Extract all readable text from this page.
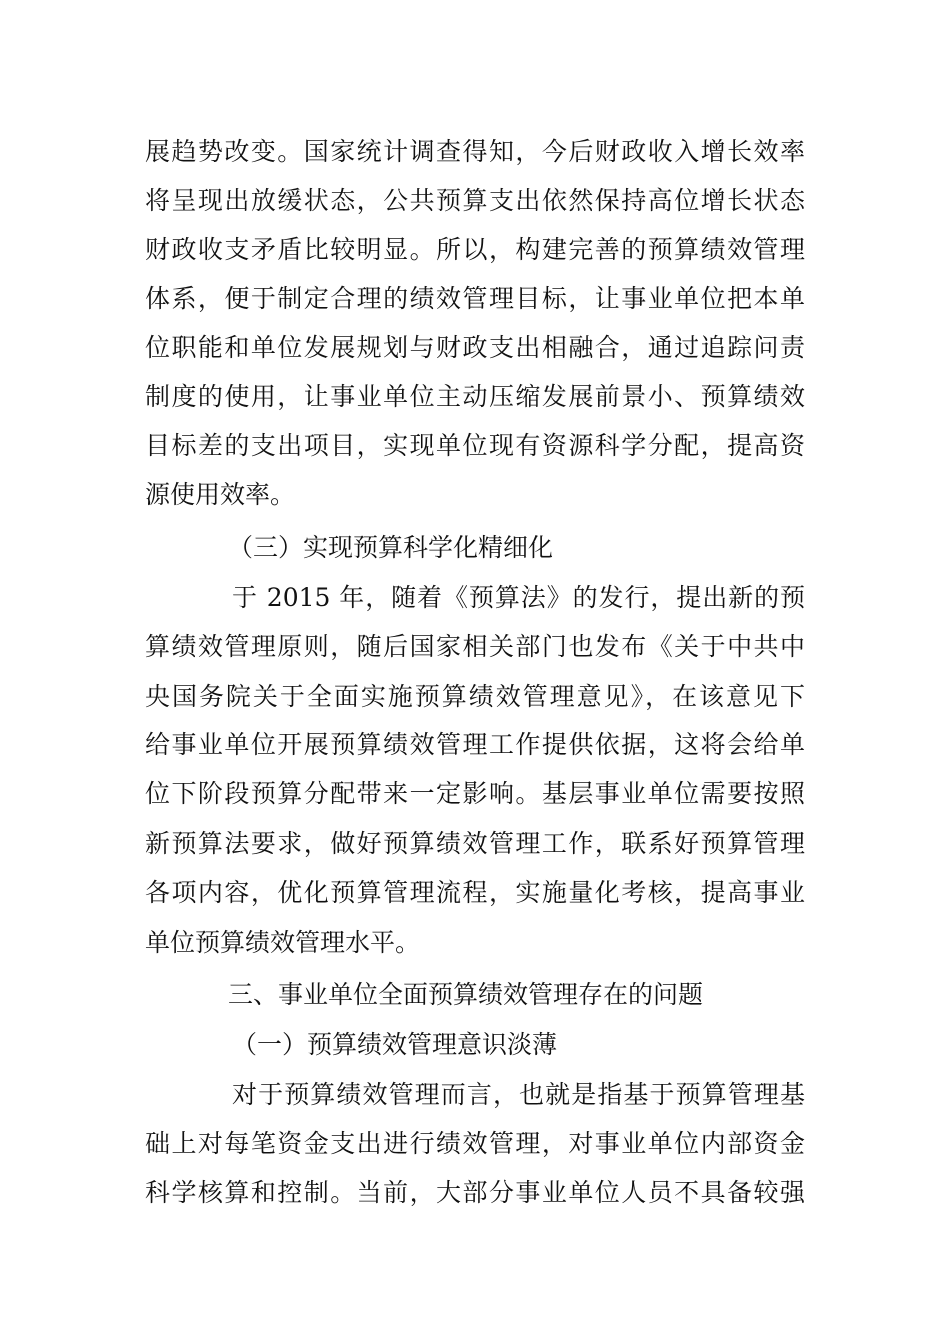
展趋势改变。国家统计调查得知，今后财政收入增长效率
将呈现出放缓状态，公共预算支出依然保持高位增长状态
财政收支矛盾比较明显。所以，构建完善的预算绩效管理
体系，便于制定合理的绩效管理目标，让事业单位把本单
位职能和单位发展规划与财政支出相融合，通过追踪问责
制度的使用，让事业单位主动压缩发展前景小、预算绩效
目标差的支出项目，实现单位现有资源科学分配，提高资
源使用效率。
（三）实现预算科学化精细化
于 2015 年，随着《预算法》的发行，提出新的预
算绩效管理原则，随后国家相关部门也发布《关于中共中
央国务院关于全面实施预算绩效管理意见》，在该意见下
给事业单位开展预算绩效管理工作提供依据，这将会给单
位下阶段预算分配带来一定影响。基层事业单位需要按照
新预算法要求，做好预算绩效管理工作，联系好预算管理
各项内容，优化预算管理流程，实施量化考核，提高事业
单位预算绩效管理水平。
三、事业单位全面预算绩效管理存在的问题
（一）预算绩效管理意识淡薄
对于预算绩效管理而言，也就是指基于预算管理基
础上对每笔资金支出进行绩效管理，对事业单位内部资金
科学核算和控制。当前，大部分事业单位人员不具备较强
